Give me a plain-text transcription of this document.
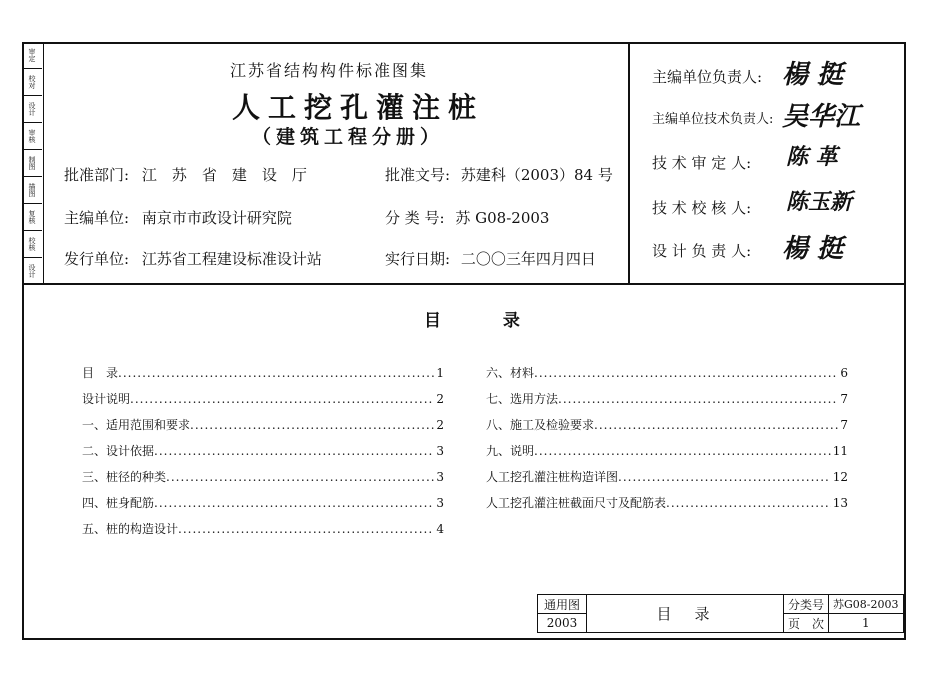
审定
校对
设计
审核
制图
描图
复核
校核
设计
江苏省结构构件标准图集
人工挖孔灌注桩
（建筑工程分册）
批准部门: 江　苏　省　建　设　厅	批准文号: 苏建科（2003）84 号
主编单位: 南京市市政设计研究院	分 类 号: 苏 G08-2003
发行单位: 江苏省工程建设标准设计站	实行日期: 二〇〇三年四月四日
主编单位负责人: 楊 挺
主编单位技术负责人: 吴华江
技 术 审 定 人: 陈 革
技 术 校 核 人: 陈玉新
设 计 负 责 人: 楊 挺
目 录
目　录 .....	1
设计说明 .....	2
一、适用范围和要求 .....	2
二、设计依据 .....	3
三、桩径的种类 .....	3
四、桩身配筋 .....	3
五、桩的构造设计 .....	4
六、材料 .....	6
七、选用方法 .....	7
八、施工及检验要求 .....	7
九、说明 .....	11
人工挖孔灌注桩构造详图 .....	12
人工挖孔灌注桩截面尺寸及配筋表 .....	13
通用图	目　录	分类号	苏G08-2003
2003		页　次	1
